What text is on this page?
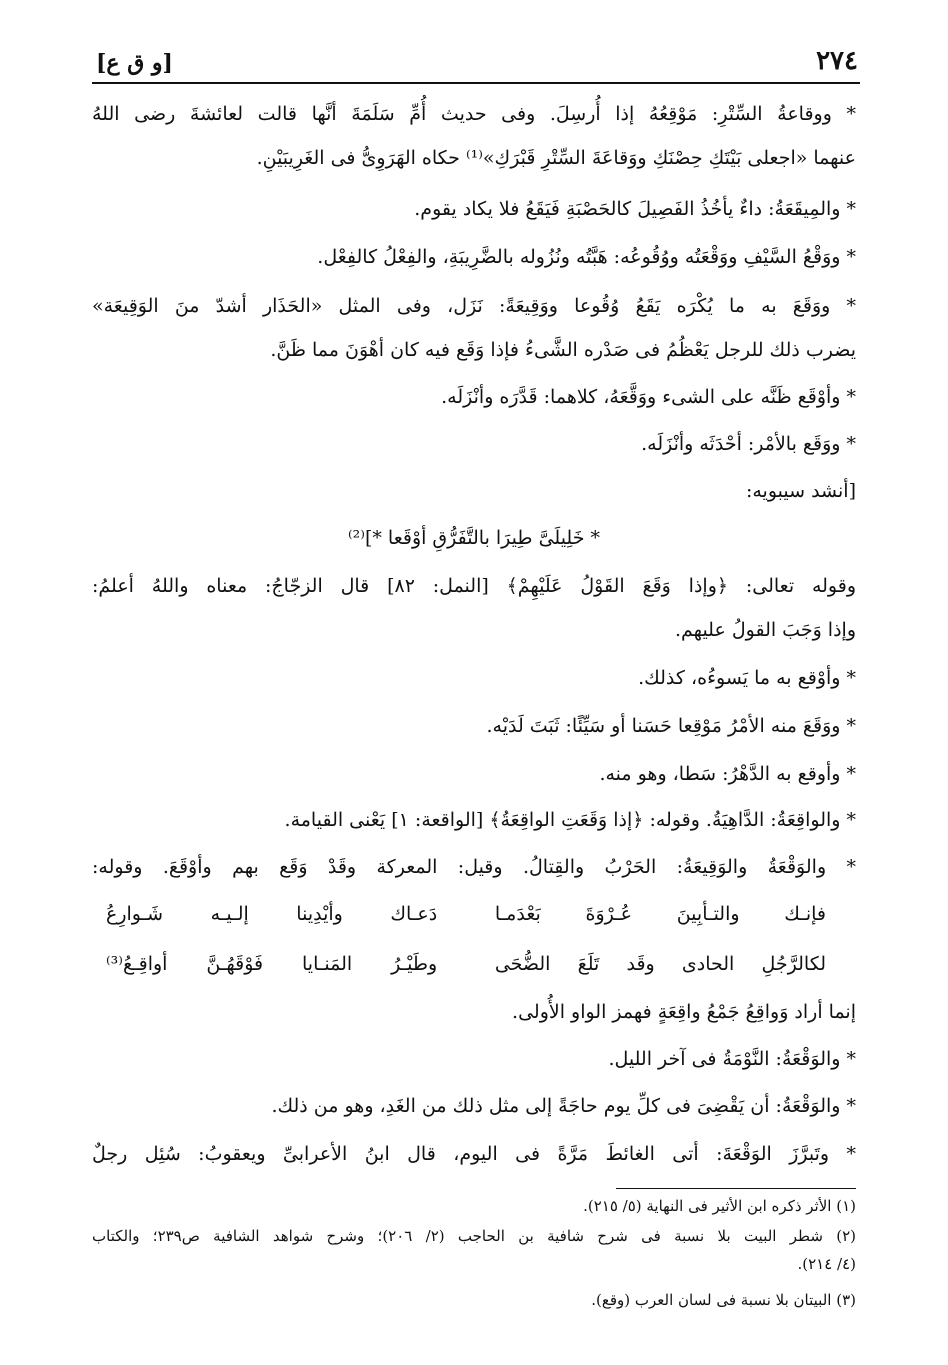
٢٧٤
[و ق ع]
* ووقاعةُ السِّتْرِ: مَوْقِعُهُ إذا أُرسِلَ. وفى حديث أُمِّ سَلَمَةَ أنَّها قالت لعائشةَ رضى اللهُ
عنهما «اجعلى بَيْتَكِ حِصْنَكِ ووَقاعَةَ السِّتْرِ قَبْرَكِ»⁽¹⁾ حكاه الهَرَوِىُّ فى الغَرِيبَيْنِ.
* والمِيقَعَةُ: داءٌ يأخُذُ الفَصِيلَ كالحَصْبَةِ فَيَقَعُ فلا يكاد يقوم.
* ووَقْعُ السَّيْفِ ووَقْعَتُه ووُقُوعُه: هَبَّتُه ونُزُوله بالضَّرِيبَةِ، والفِعْلُ كالفِعْل.
* ووَقَعَ به ما يُكْرَه يَقَعُ وُقُوعا ووَقِيعَةً: نَزَل، وفى المثل «الحَذَار أشدّ منَ الوَقِيعَة»
يضرب ذلك للرجل يَعْظُمُ فى صَدْره الشَّىءُ فإذا وَقَع فيه كان أهْوَنَ مما ظَنَّ.
* وأوْقَع ظَنَّه على الشىء ووَقَّعَهُ، كلاهما: قَدَّرَه وأنْزَلَه.
* ووَقَع بالأمْر: أحْدَثَه وأنْزَلَه.
[أنشد سيبويه:
* خَلِيلَىَّ طِيرَا بالتَّفَرُّقِ أوْقَعا *]⁽²⁾
وقوله تعالى: ﴿وإذا وَقَعَ القَوْلُ عَلَيْهِمْ﴾ [النمل: ٨٢] قال الزجّاجُ: معناه واللهُ أعلمُ:
وإذا وَجَبَ القولُ عليهم.
* وأوْقع به ما يَسوءُه، كذلك.
* ووَقَعَ منه الأمْرُ مَوْقِعا حَسَنا أو سَيِّئًا: ثَبَتَ لَدَيْه.
* وأوقع به الدَّهْرُ: سَطا، وهو منه.
* والواقِعَةُ: الدَّاهِيَةُ. وقوله: ﴿إذا وَقَعَتِ الواقِعَةُ﴾ [الواقعة: ١] يَعْنى القيامة.
* والوَقْعَةُ والوَقِيعَةُ: الحَرْبُ والقِتالُ. وقيل: المعركة وقَدْ وَقَع بهم وأوْقَعَ. وقوله:
فإنـك والتـأبِينَ عُـرْوَةَ بَعْدَمـا
دَعـاك وأيْدِينا إلـيـه شَـوارِعُ
لكالرَّجُلِ الحادى وقَد تَلَعَ الضُّحَى
وطَيْـرُ المَنـايا فَوْقَهُـنَّ أواقِـعُ⁽³⁾
إنما أراد وَواقِعُ جَمْعُ واقِعَةٍ فهمز الواو الأُولى.
* والوَقْعَةُ: النَّوْمَةُ فى آخر الليل.
* والوَقْعَةُ: أن يَقْضِىَ فى كلِّ يوم حاجَةً إلى مثل ذلك من الغَدِ، وهو من ذلك.
* وتَبرَّزَ الوَقْعَةَ: أتى الغائطَ مَرَّةً فى اليوم، قال ابنُ الأعرابىِّ ويعقوبُ: سُئِل رجلٌ
(١) الأثر ذكره ابن الأثير فى النهاية (٥/ ٢١٥).
(٢) شطر البيت بلا نسبة فى شرح شافية بن الحاجب (٢/ ٢٠٦)؛ وشرح شواهد الشافية ص٢٣٩؛ والكتاب
(٤/ ٢١٤).
(٣) البيتان بلا نسبة فى لسان العرب (وقع).
